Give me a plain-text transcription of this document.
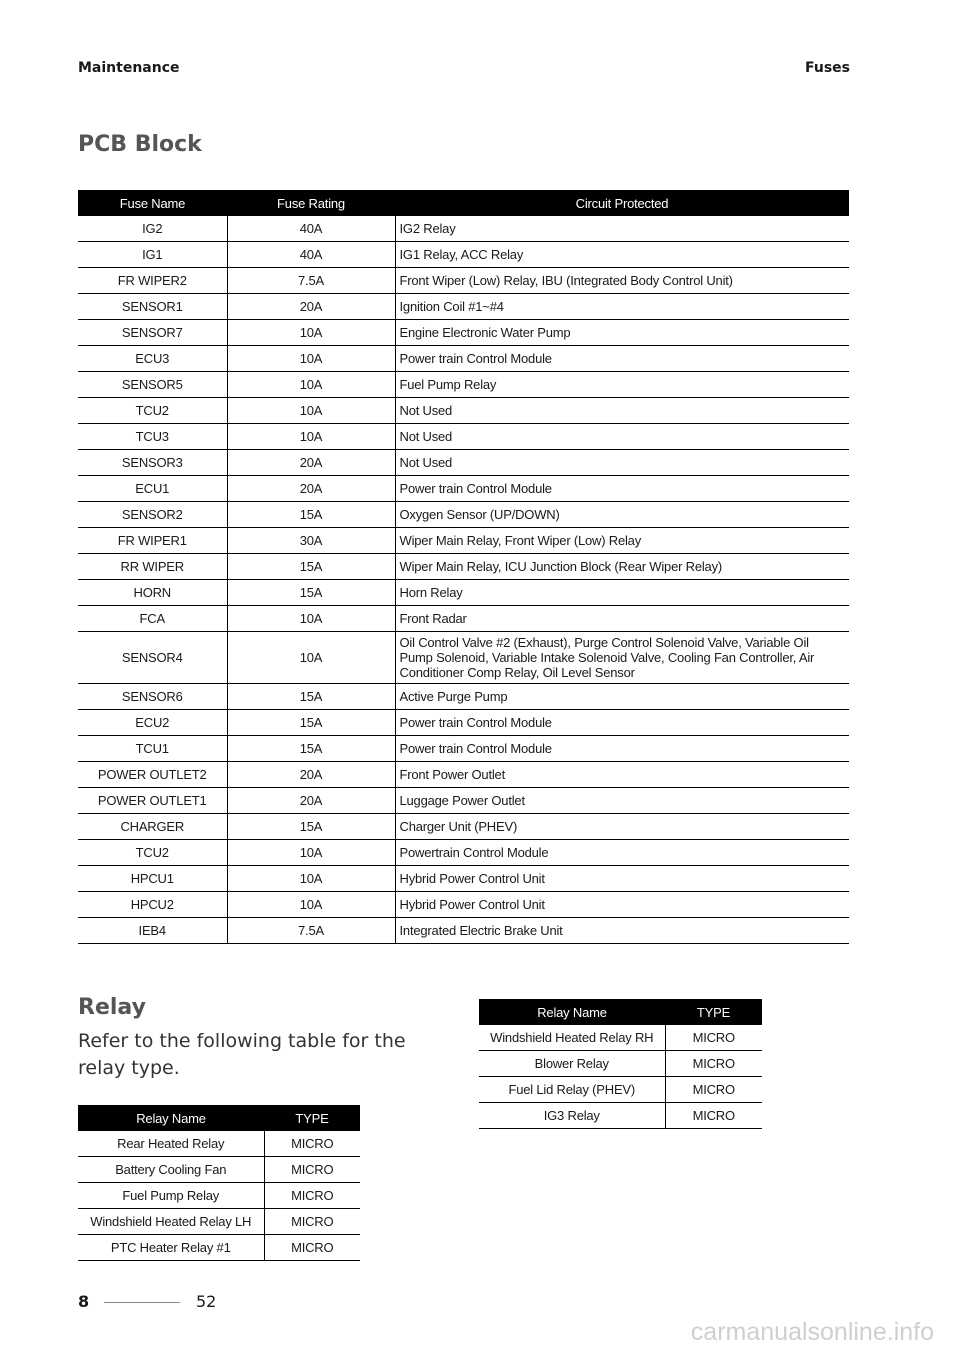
Maintenance	Fuses
PCB Block
Fuse Name	Fuse Rating	Circuit Protected
IG2	40A	IG2 Relay
IG1	40A	IG1 Relay, ACC Relay
FR WIPER2	7.5A	Front Wiper (Low) Relay, IBU (Integrated Body Control Unit)
SENSOR1	20A	Ignition Coil #1~#4
SENSOR7	10A	Engine Electronic Water Pump
ECU3	10A	Power train Control Module
SENSOR5	10A	Fuel Pump Relay
TCU2	10A	Not Used
TCU3	10A	Not Used
SENSOR3	20A	Not Used
ECU1	20A	Power train Control Module
SENSOR2	15A	Oxygen Sensor (UP/DOWN)
FR WIPER1	30A	Wiper Main Relay, Front Wiper (Low) Relay
RR WIPER	15A	Wiper Main Relay, ICU Junction Block (Rear Wiper Relay)
HORN	15A	Horn Relay
FCA	10A	Front Radar
SENSOR4	10A	Oil Control Valve #2 (Exhaust), Purge Control Solenoid Valve, Variable Oil Pump Solenoid, Variable Intake Solenoid Valve, Cooling Fan Controller, Air Conditioner Comp Relay, Oil Level Sensor
SENSOR6	15A	Active Purge Pump
ECU2	15A	Power train Control Module
TCU1	15A	Power train Control Module
POWER OUTLET2	20A	Front Power Outlet
POWER OUTLET1	20A	Luggage Power Outlet
CHARGER	15A	Charger Unit (PHEV)
TCU2	10A	Powertrain Control Module
HPCU1	10A	Hybrid Power Control Unit
HPCU2	10A	Hybrid Power Control Unit
IEB4	7.5A	Integrated Electric Brake Unit
Relay
Refer to the following table for the relay type.
Relay Name	TYPE
Rear Heated Relay	MICRO
Battery Cooling Fan	MICRO
Fuel Pump Relay	MICRO
Windshield Heated Relay LH	MICRO
PTC Heater Relay #1	MICRO
Relay Name	TYPE
Windshield Heated Relay RH	MICRO
Blower Relay	MICRO
Fuel Lid Relay (PHEV)	MICRO
IG3 Relay	MICRO
8	52
carmanualsonline.info
